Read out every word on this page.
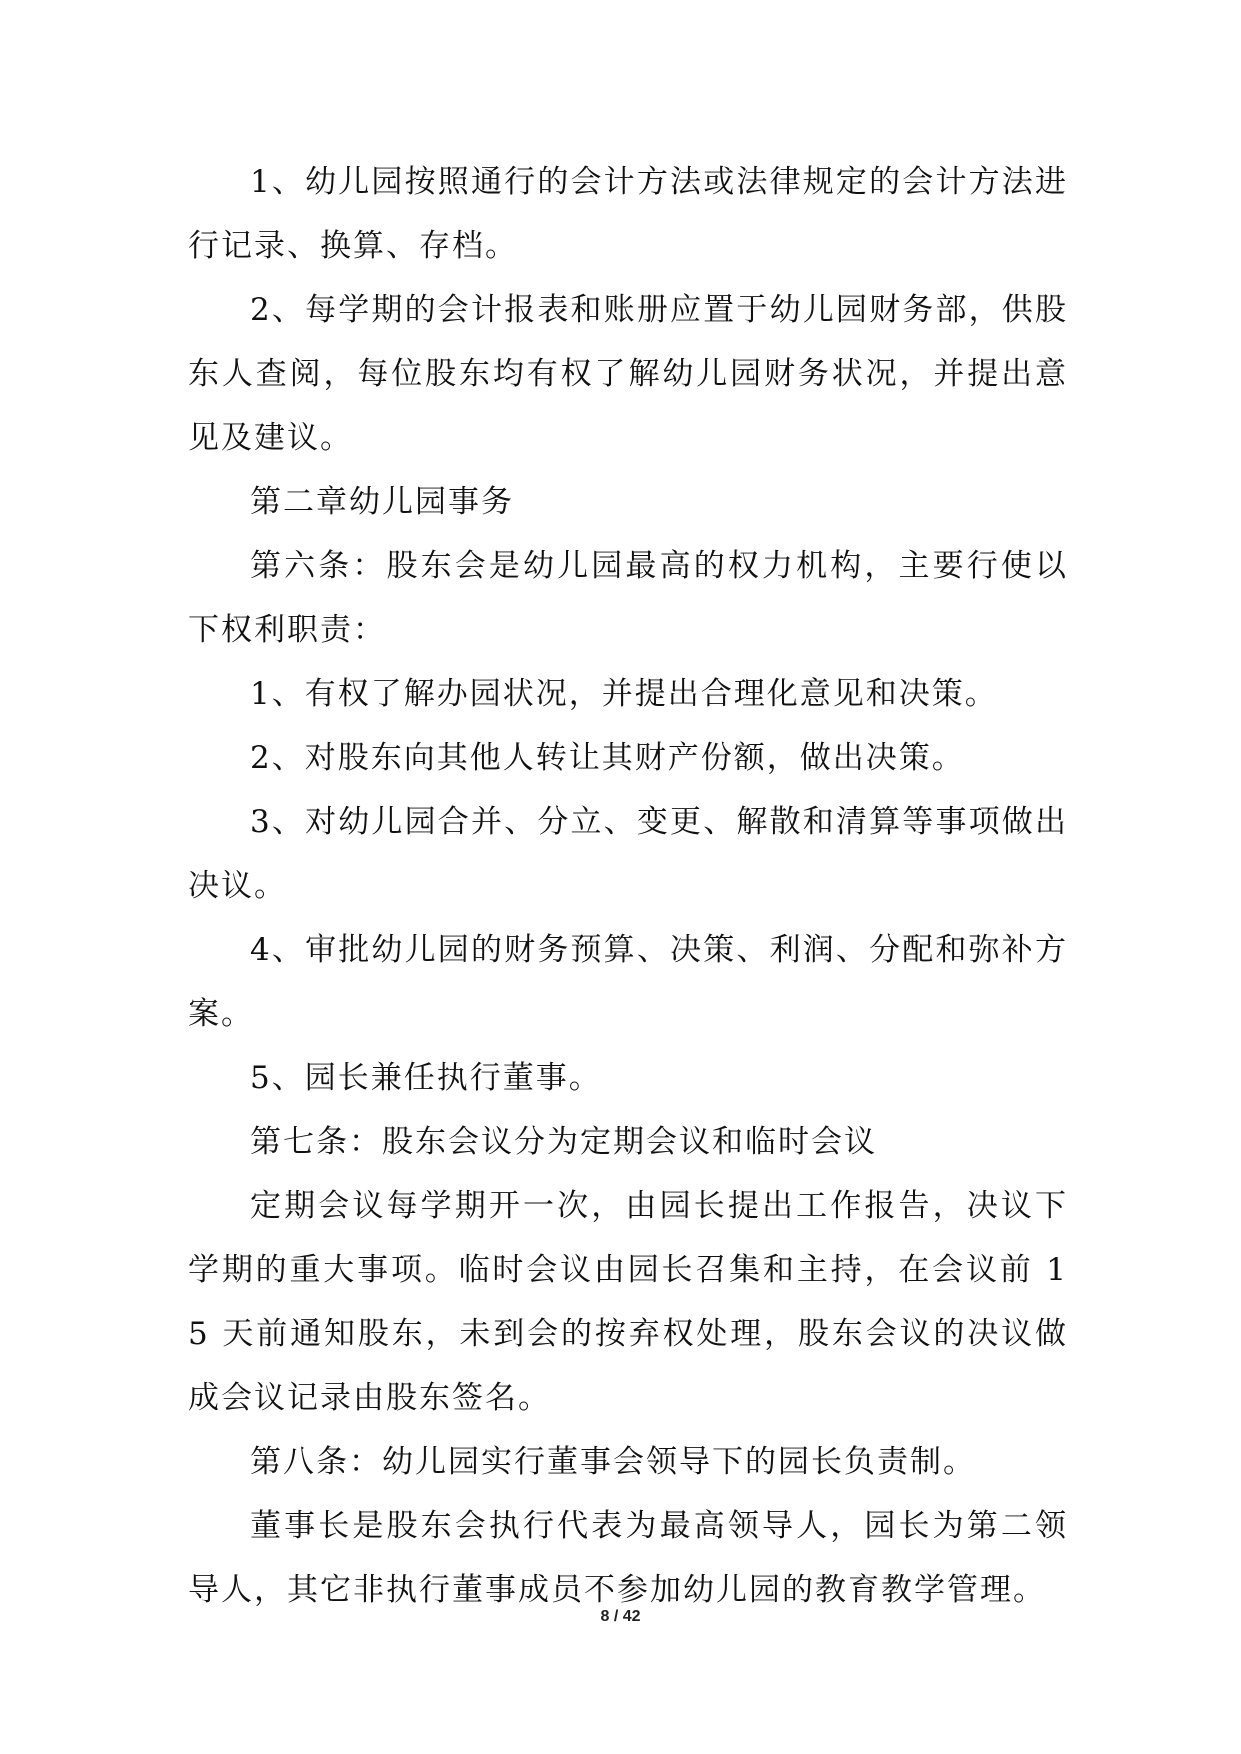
1、幼儿园按照通行的会计方法或法律规定的会计方法进行记录、换算、存档。

2、每学期的会计报表和账册应置于幼儿园财务部，供股东人查阅，每位股东均有权了解幼儿园财务状况，并提出意见及建议。

第二章幼儿园事务

第六条：股东会是幼儿园最高的权力机构，主要行使以下权利职责：

1、有权了解办园状况，并提出合理化意见和决策。

2、对股东向其他人转让其财产份额，做出决策。

3、对幼儿园合并、分立、变更、解散和清算等事项做出决议。

4、审批幼儿园的财务预算、决策、利润、分配和弥补方案。

5、园长兼任执行董事。

第七条：股东会议分为定期会议和临时会议

定期会议每学期开一次，由园长提出工作报告，决议下学期的重大事项。临时会议由园长召集和主持，在会议前 15 天前通知股东，未到会的按弃权处理，股东会议的决议做成会议记录由股东签名。

第八条：幼儿园实行董事会领导下的园长负责制。

董事长是股东会执行代表为最高领导人，园长为第二领导人，其它非执行董事成员不参加幼儿园的教育教学管理。

8 / 42
